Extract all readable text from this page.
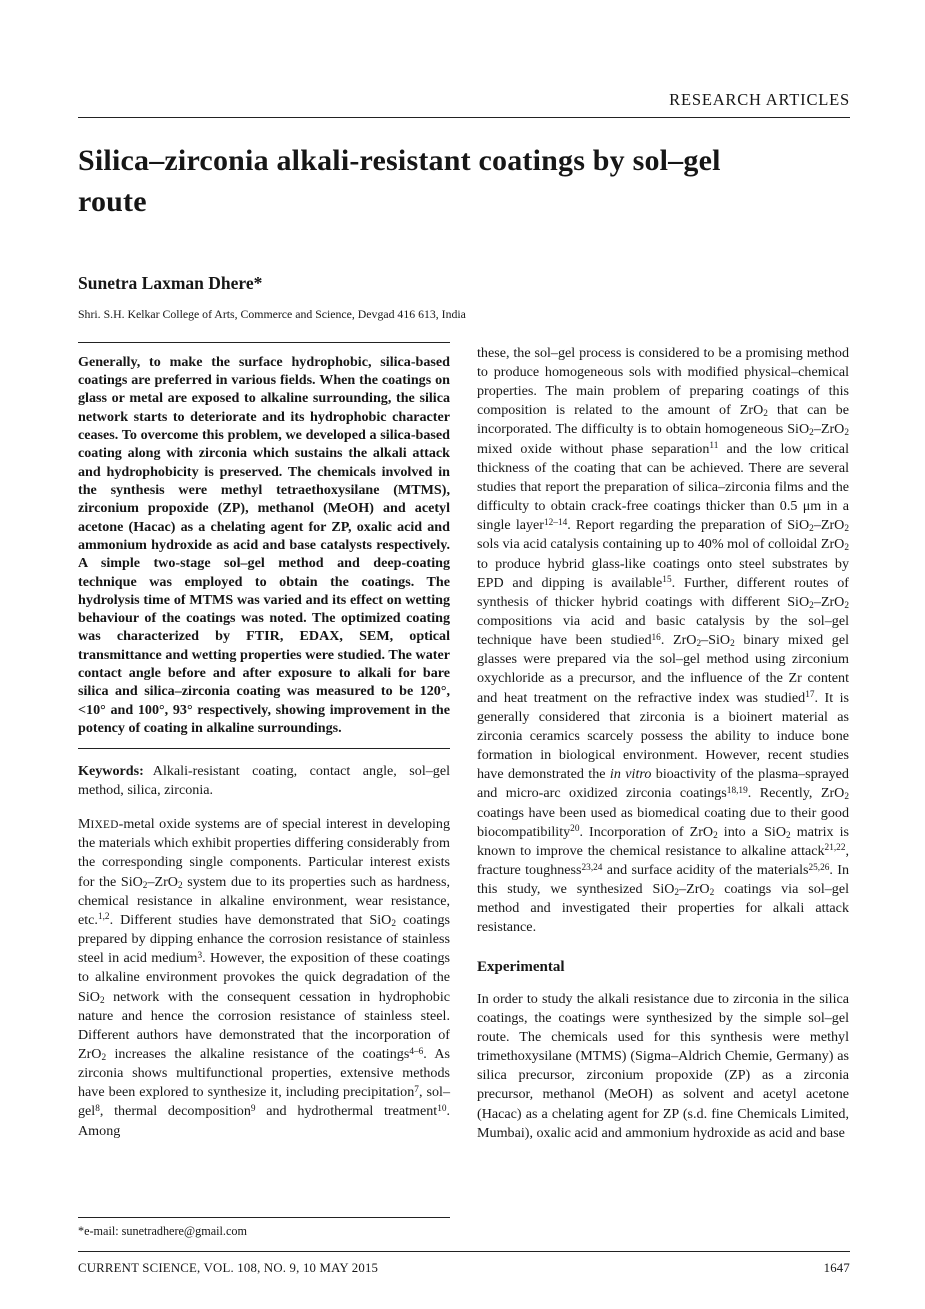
RESEARCH ARTICLES
Silica–zirconia alkali-resistant coatings by sol–gel route
Sunetra Laxman Dhere*
Shri. S.H. Kelkar College of Arts, Commerce and Science, Devgad 416 613, India
Generally, to make the surface hydrophobic, silica-based coatings are preferred in various fields. When the coatings on glass or metal are exposed to alkaline surrounding, the silica network starts to deteriorate and its hydrophobic character ceases. To overcome this problem, we developed a silica-based coating along with zirconia which sustains the alkali attack and hydrophobicity is preserved. The chemicals involved in the synthesis were methyl tetraethoxysilane (MTMS), zirconium propoxide (ZP), methanol (MeOH) and acetyl acetone (Hacac) as a chelating agent for ZP, oxalic acid and ammonium hydroxide as acid and base catalysts respectively. A simple two-stage sol–gel method and deep-coating technique was employed to obtain the coatings. The hydrolysis time of MTMS was varied and its effect on wetting behaviour of the coatings was noted. The optimized coating was characterized by FTIR, EDAX, SEM, optical transmittance and wetting properties were studied. The water contact angle before and after exposure to alkali for bare silica and silica–zirconia coating was measured to be 120°, <10° and 100°, 93° respectively, showing improvement in the potency of coating in alkaline surroundings.
Keywords: Alkali-resistant coating, contact angle, sol–gel method, silica, zirconia.

MIXED-metal oxide systems are of special interest in developing the materials which exhibit properties differing considerably from the corresponding single components. Particular interest exists for the SiO$_2$–ZrO$_2$ system due to its properties such as hardness, chemical resistance in alkaline environment, wear resistance, etc.$^{1,2}$. Different studies have demonstrated that SiO$_2$ coatings prepared by dipping enhance the corrosion resistance of stainless steel in acid medium$^3$. However, the exposition of these coatings to alkaline environment provokes the quick degradation of the SiO$_2$ network with the consequent cessation in hydrophobic nature and hence the corrosion resistance of stainless steel. Different authors have demonstrated that the incorporation of ZrO$_2$ increases the alkaline resistance of the coatings$^{4-6}$. As zirconia shows multifunctional properties, extensive methods have been explored to synthesize it, including precipitation$^7$, sol–gel$^8$, thermal decomposition$^9$ and hydrothermal treatment$^{10}$. Among

*e-mail: sunetradhere@gmail.com

these, the sol–gel process is considered to be a promising method to produce homogeneous sols with modified physical–chemical properties. The main problem of preparing coatings of this composition is related to the amount of ZrO$_2$ that can be incorporated. The difficulty is to obtain homogeneous SiO$_2$–ZrO$_2$ mixed oxide without phase separation$^{11}$ and the low critical thickness of the coating that can be achieved. There are several studies that report the preparation of silica–zirconia films and the difficulty to obtain crack-free coatings thicker than 0.5 μm in a single layer$^{12-14}$. Report regarding the preparation of SiO$_2$–ZrO$_2$ sols via acid catalysis containing up to 40% mol of colloidal ZrO$_2$ to produce hybrid glass-like coatings onto steel substrates by EPD and dipping is available$^{15}$. Further, different routes of synthesis of thicker hybrid coatings with different SiO$_2$–ZrO$_2$ compositions via acid and basic catalysis by the sol–gel technique have been studied$^{16}$. ZrO$_2$–SiO$_2$ binary mixed gel glasses were prepared via the sol–gel method using zirconium oxychloride as a precursor, and the influence of the Zr content and heat treatment on the refractive index was studied$^{17}$. It is generally considered that zirconia is a bioinert material as zirconia ceramics scarcely possess the ability to induce bone formation in biological environment. However, recent studies have demonstrated the in vitro bioactivity of the plasma–sprayed and micro-arc oxidized zirconia coatings$^{18,19}$. Recently, ZrO$_2$ coatings have been used as biomedical coating due to their good biocompatibility$^{20}$. Incorporation of ZrO$_2$ into a SiO$_2$ matrix is known to improve the chemical resistance to alkaline attack$^{21,22}$, fracture toughness$^{23,24}$ and surface acidity of the materials$^{25,26}$. In this study, we synthesized SiO$_2$–ZrO$_2$ coatings via sol–gel method and investigated their properties for alkali attack resistance.

Experimental

In order to study the alkali resistance due to zirconia in the silica coatings, the coatings were synthesized by the simple sol–gel route. The chemicals used for this synthesis were methyl trimethoxysilane (MTMS) (Sigma–Aldrich Chemie, Germany) as silica precursor, zirconium propoxide (ZP) as a zirconia precursor, methanol (MeOH) as solvent and acetyl acetone (Hacac) as a chelating agent for ZP (s.d. fine Chemicals Limited, Mumbai), oxalic acid and ammonium hydroxide as acid and base

CURRENT SCIENCE, VOL. 108, NO. 9, 10 MAY 2015	1647
